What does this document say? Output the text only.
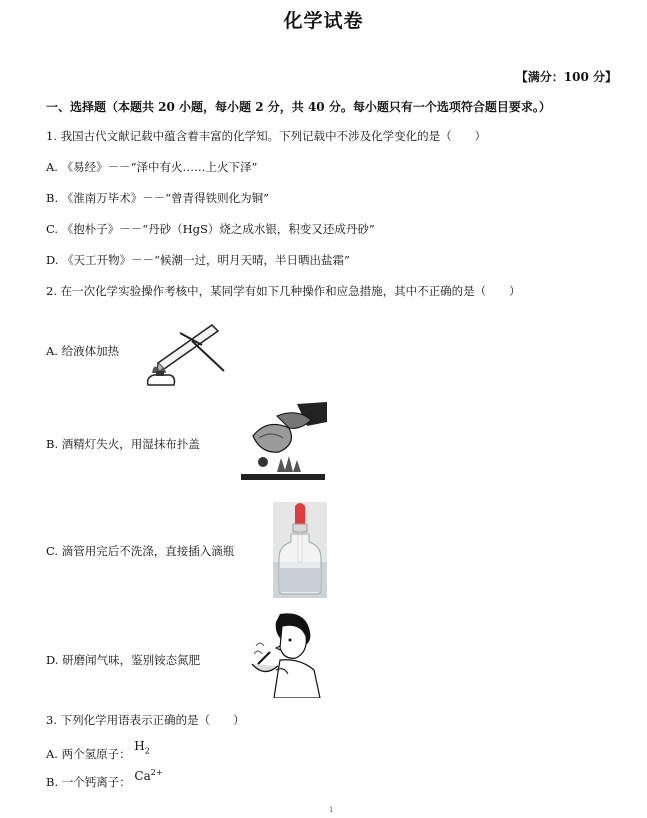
化学试卷
【满分：100 分】
一、选择题（本题共 20 小题，每小题 2 分，共 40 分。每小题只有一个选项符合题目要求。）
1. 我国古代文献记载中蕴含着丰富的化学知。下列记载中不涉及化学变化的是（　　）
A. 《易经》－－“泽中有火……上火下泽”
B. 《淮南万毕术》－－“曾青得铁则化为铜”
C. 《抱朴子》－－“丹砂（HgS）烧之成水银，积变又还成丹砂”
D. 《天工开物》－－“候潮一过，明月天晴，半日晒出盐霜”
2. 在一次化学实验操作考核中，某同学有如下几种操作和应急措施，其中不正确的是（　　）
A. 给液体加热
B. 酒精灯失火，用湿抹布扑盖
C. 滴管用完后不洗涤，直接插入滴瓶
D. 研磨闻气味，鉴别铵态氮肥
3. 下列化学用语表示正确的是（　　）
A. 两个氢原子： $H_2$
B. 一个钙离子： $Ca^{2+}$
1
